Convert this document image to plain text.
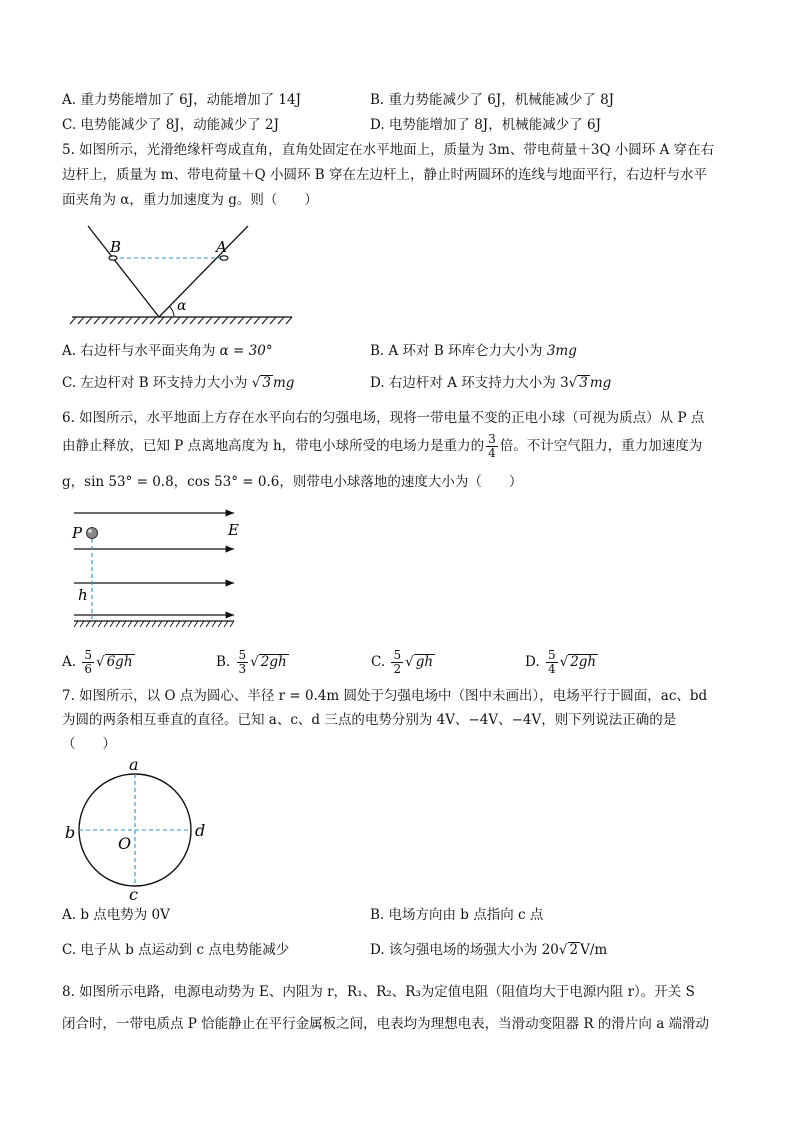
A. 重力势能增加了 6J，动能增加了 14J	B. 重力势能减少了 6J，机械能减少了 8J
C. 电势能减少了 8J，动能减少了 2J	D. 电势能增加了 8J，机械能减少了 6J
5. 如图所示，光滑绝缘杆弯成直角，直角处固定在水平地面上，质量为 3m、带电荷量＋3Q 小圆环 A 穿在右
边杆上，质量为 m、带电荷量＋Q 小圆环 B 穿在左边杆上，静止时两圆环的连线与地面平行，右边杆与水平
面夹角为 α，重力加速度为 g。则（　　）
B	A
α
A. 右边杆与水平面夹角为 α = 30°	B. A 环对 B 环库仑力大小为 3mg
C. 左边杆对 B 环支持力大小为 √ 3 mg	D. 右边杆对 A 环支持力大小为 3√ 3 mg
6. 如图所示，水平地面上方存在水平向右的匀强电场，现将一带电量不变的正电小球（可视为质点）从 P 点
由静止释放，已知 P 点离地高度为 h，带电小球所受的电场力是重力的 $\frac{3}{4}$ 倍。不计空气阻力，重力加速度为
g，sin 53° = 0.8，cos 53° = 0.6，则带电小球落地的速度大小为（　　）
P	E
h
A. $\frac{5}{6}$ √ 6gh	B. $\frac{5}{3}$ √ 2gh	C. $\frac{5}{2}$ √ gh	D. $\frac{5}{4}$ √ 2gh
7. 如图所示，以 O 点为圆心、半径 r = 0.4m 圆处于匀强电场中（图中未画出），电场平行于圆面，ac、bd
为圆的两条相互垂直的直径。已知 a、c、d 三点的电势分别为 4V、−4V、−4V，则下列说法正确的是
（　　）
a
b	d
c
O
A. b 点电势为 0V	B. 电场方向由 b 点指向 c 点
C. 电子从 b 点运动到 c 点电势能减少	D. 该匀强电场的场强大小为 20√ 2 V/m
8. 如图所示电路，电源电动势为 E、内阻为 r，R₁、R₂、R₃为定值电阻（阻值均大于电源内阻 r）。开关 S
闭合时，一带电质点 P 恰能静止在平行金属板之间，电表均为理想电表，当滑动变阻器 R 的滑片向 a 端滑动
